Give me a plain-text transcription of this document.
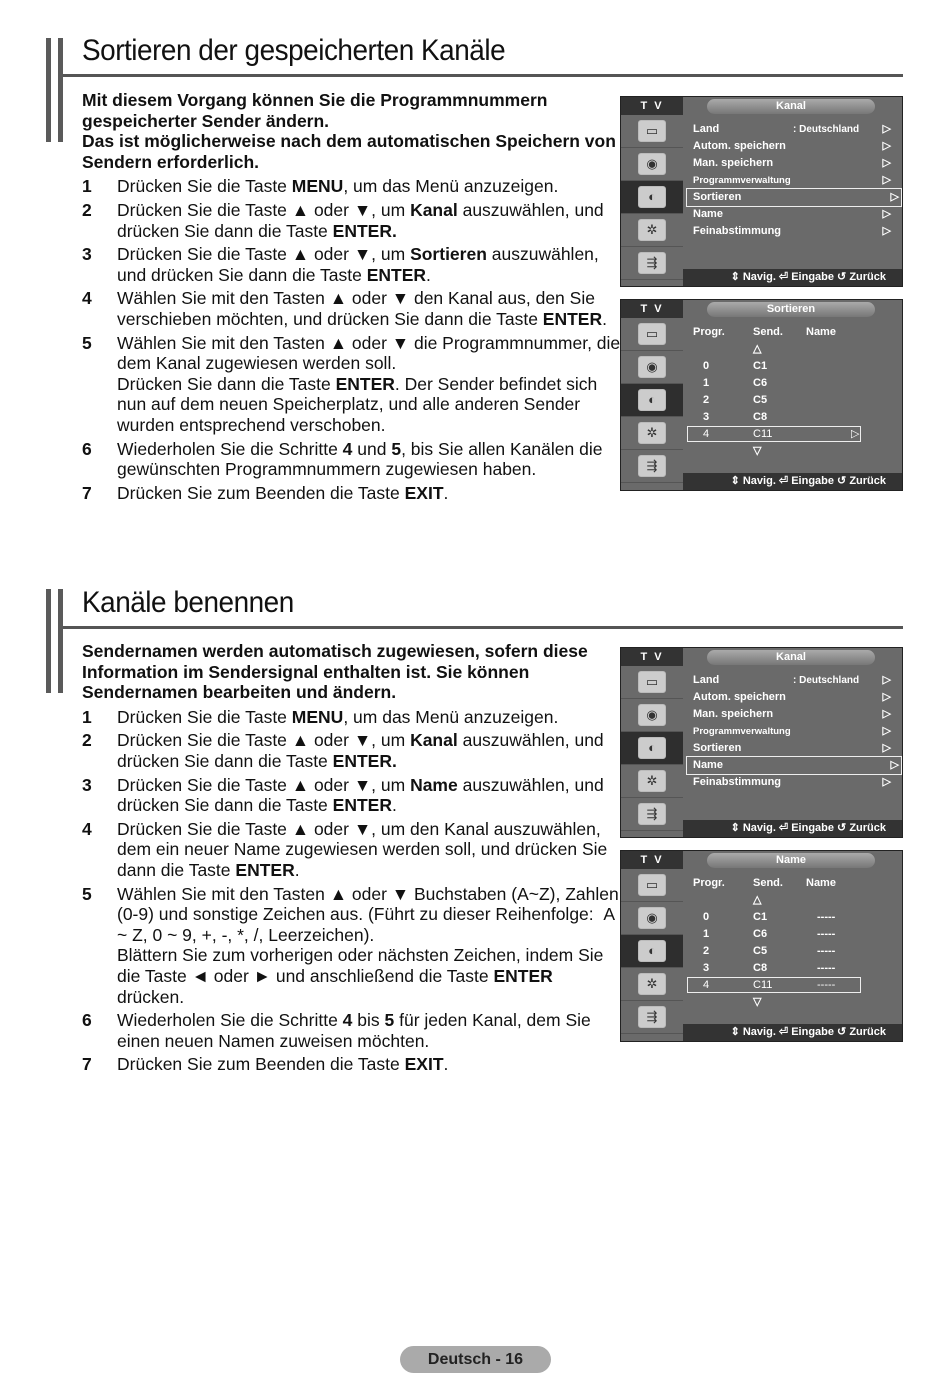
Sortieren der gespeicherten Kanäle

Mit diesem Vorgang können Sie die Programmnummern gespeicherter Sender ändern.

Das ist möglicherweise nach dem automatischen Speichern von Sendern erforderlich.

1 Drücken Sie die Taste MENU, um das Menü anzuzeigen.
2 Drücken Sie die Taste ▲ oder ▼, um Kanal auszuwählen, und drücken Sie dann die Taste ENTER.
3 Drücken Sie die Taste ▲ oder ▼, um Sortieren auszuwählen, und drücken Sie dann die Taste ENTER.
4 Wählen Sie mit den Tasten ▲ oder ▼ den Kanal aus, den Sie verschieben möchten, und drücken Sie dann die Taste ENTER.
5 Wählen Sie mit den Tasten ▲ oder ▼ die Programmnummer, die dem Kanal zugewiesen werden soll.
Drücken Sie dann die Taste ENTER. Der Sender befindet sich nun auf dem neuen Speicherplatz, und alle anderen Sender wurden entsprechend verschoben.
6 Wiederholen Sie die Schritte 4 und 5, bis Sie allen Kanälen die gewünschten Programmnummern zugewiesen haben.
7 Drücken Sie zum Beenden die Taste EXIT.
T V	Kanal
▭
◉
◐
✲
⇶
Land	: Deutschland ▷
Autom. speichern	▷
Man. speichern	▷
Programmverwaltung	▷
Sortieren	▷
Name	▷
Feinabstimmung	▷
⇕ Navig. ⏎ Eingabe ↺ Zurück
T V	Sortieren
▭
◉
◐
✲
⇶
Progr.	Send. Name
△
0	C1
1	C6
2	C5
3	C8
4	C11	▷
▽
⇕ Navig. ⏎ Eingabe ↺ Zurück
Kanäle benennen

Sendernamen werden automatisch zugewiesen, sofern diese Information im Sendersignal enthalten ist. Sie können Sendernamen bearbeiten und ändern.

1 Drücken Sie die Taste MENU, um das Menü anzuzeigen.
2 Drücken Sie die Taste ▲ oder ▼, um Kanal auszuwählen, und drücken Sie dann die Taste ENTER.
3 Drücken Sie die Taste ▲ oder ▼, um Name auszuwählen, und drücken Sie dann die Taste ENTER.
4 Drücken Sie die Taste ▲ oder ▼, um den Kanal auszuwählen, dem ein neuer Name zugewiesen werden soll, und drücken Sie dann die Taste ENTER.
5 Wählen Sie mit den Tasten ▲ oder ▼ Buchstaben (A~Z), Zahlen (0-9) und sonstige Zeichen aus. (Führt zu dieser Reihenfolge:  A ~ Z, 0 ~ 9, +, -, *, /, Leerzeichen).
Blättern Sie zum vorherigen oder nächsten Zeichen, indem Sie die Taste ◄ oder ► und anschließend die Taste ENTER drücken.
6 Wiederholen Sie die Schritte 4 bis 5 für jeden Kanal, dem Sie einen neuen Namen zuweisen möchten.
7 Drücken Sie zum Beenden die Taste EXIT.
T V	Kanal
▭
◉
◐
✲
⇶
Land	: Deutschland ▷
Autom. speichern	▷
Man. speichern	▷
Programmverwaltung	▷
Sortieren	▷
Name	▷
Feinabstimmung	▷
⇕ Navig. ⏎ Eingabe ↺ Zurück
T V	Name
▭
◉
◐
✲
⇶
Progr.	Send. Name
△
0	C1	-----
1	C6	-----
2	C5	-----
3	C8	-----
4	C11	-----
▽
⇕ Navig. ⏎ Eingabe ↺ Zurück
Deutsch - 16
